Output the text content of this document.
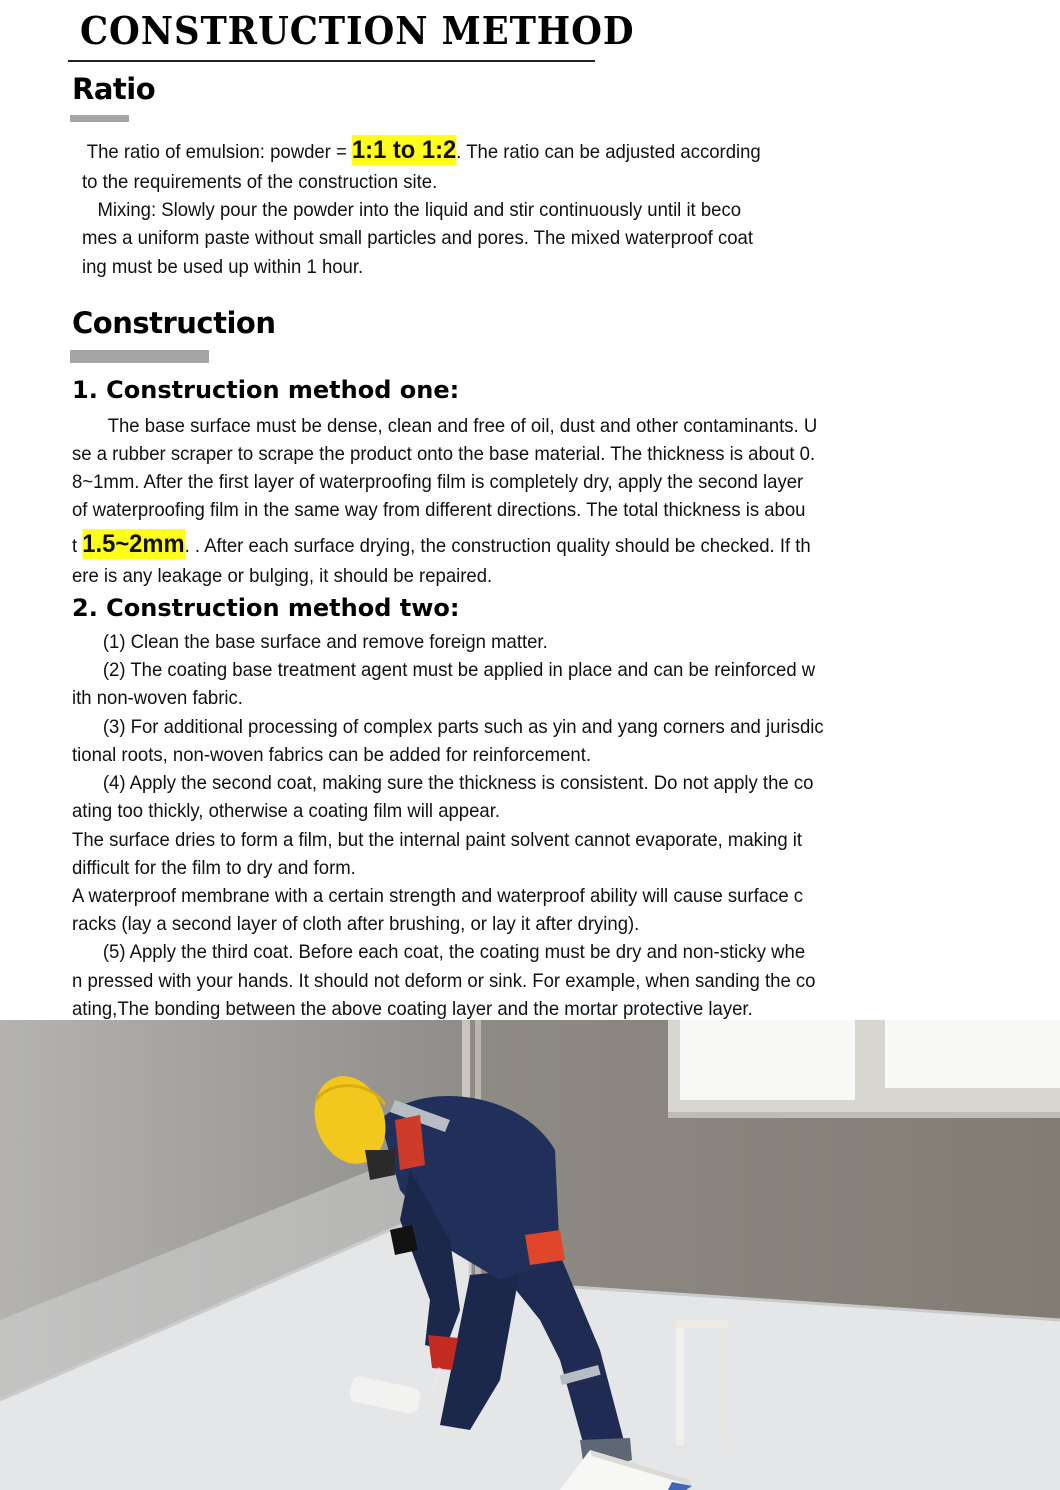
CONSTRUCTION METHOD
Ratio

The ratio of emulsion: powder = 1:1 to 1:2. The ratio can be adjusted according

to the requirements of the construction site.

Mixing: Slowly pour the powder into the liquid and stir continuously until it beco

mes a uniform paste without small particles and pores. The mixed waterproof coat

ing must be used up within 1 hour.

Construction
1. Construction method one:

The base surface must be dense, clean and free of oil, dust and other contaminants. U

se a rubber scraper to scrape the product onto the base material. The thickness is about 0.

8~1mm. After the first layer of waterproofing film is completely dry, apply the second layer

of waterproofing film in the same way from different directions. The total thickness is abou

t 1.5~2mm. . After each surface drying, the construction quality should be checked. If th

ere is any leakage or bulging, it should be repaired.

2. Construction method two:

(1) Clean the base surface and remove foreign matter.

(2) The coating base treatment agent must be applied in place and can be reinforced w

ith non-woven fabric.

(3) For additional processing of complex parts such as yin and yang corners and jurisdic

tional roots, non-woven fabrics can be added for reinforcement.

(4) Apply the second coat, making sure the thickness is consistent. Do not apply the co

ating too thickly, otherwise a coating film will appear.

The surface dries to form a film, but the internal paint solvent cannot evaporate, making it

difficult for the film to dry and form.

A waterproof membrane with a certain strength and waterproof ability will cause surface c

racks (lay a second layer of cloth after brushing, or lay it after drying).

(5) Apply the third coat. Before each coat, the coating must be dry and non-sticky whe

n pressed with your hands. It should not deform or sink. For example, when sanding the co

ating,The bonding between the above coating layer and the mortar protective layer.
